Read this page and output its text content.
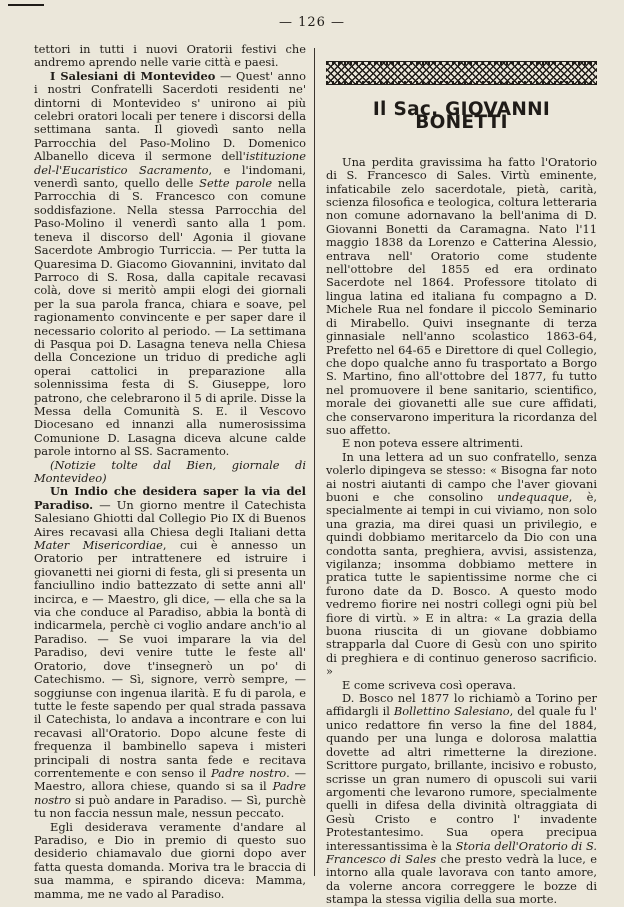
— 126 —

tettori in tutti i nuovi Oratorii festivi che andremo aprendo nelle varie città e paesi.

I Salesiani di Montevideo — Quest' anno i nostri Confratelli Sacerdoti residenti ne' dintorni di Montevideo s' unirono ai più celebri oratori locali per tenere i discorsi della settimana santa. Il giovedì santo nella Parrocchia del Paso-Molino D. Domenico Albanello diceva il sermone dell'istituzione del-l'Eucaristico Sacramento, e l'indomani, venerdì santo, quello delle Sette parole nella Parrocchia di S. Francesco con comune soddisfazione. Nella stessa Parrocchia del Paso-Molino il venerdì santo alla 1 pom. teneva il discorso dell' Agonia il giovane Sacerdote Ambrogio Turriccia. — Per tutta la Quaresima D. Giacomo Giovannini, invitato dal Parroco di S. Rosa, dalla capitale recavasi colà, dove si meritò ampii elogi dei giornali per la sua parola franca, chiara e soave, pel ragionamento convincente e per saper dare il necessario colorito al periodo. — La settimana di Pasqua poi D. Lasagna teneva nella Chiesa della Concezione un triduo di prediche agli operai cattolici in preparazione alla solennissima festa di S. Giuseppe, loro patrono, che celebrarono il 5 di aprile. Disse la Messa della Comunità S. E. il Vescovo Diocesano ed innanzi alla numerosissima Comunione D. Lasagna diceva alcune calde parole intorno al SS. Sacramento.

(Notizie tolte dal Bien, giornale di Montevideo)

Un Indio che desidera saper la via del Paradiso. — Un giorno mentre il Catechista Salesiano Ghiotti dal Collegio Pio IX di Buenos Aires recavasi alla Chiesa degli Italiani detta Mater Misericordiae, cui è annesso un Oratorio per intrattenere ed istruire i giovanetti nei giorni di festa, gli si presenta un fanciullino indio battezzato di sette anni all' incirca, e — Maestro, gli dice, — ella che sa la via che conduce al Paradiso, abbia la bontà di indicarmela, perchè ci voglio andare anch'io al Paradiso. — Se vuoi imparare la via del Paradiso, devi venire tutte le feste all' Oratorio, dove t'insegnerò un po' di Catechismo. — Sì, signore, verrò sempre, — soggiunse con ingenua ilarità. E fu di parola, e tutte le feste sapendo per qual strada passava il Catechista, lo andava a incontrare e con lui recavasi all'Oratorio. Dopo alcune feste di frequenza il bambinello sapeva i misteri principali di nostra santa fede e recitava correntemente e con senso il Padre nostro. — Maestro, allora chiese, quando si sa il Padre nostro si può andare in Paradiso. — Sì, purchè tu non faccia nessun male, nessun peccato.

Egli desiderava veramente d'andare al Paradiso, e Dio in premio di questo suo desiderio chiamavalo due giorni dopo aver fatta questa domanda. Moriva tra le braccia di sua mamma, e spirando diceva: Mamma, mamma, me ne vado al Paradiso.

Il Sac. GIOVANNI BONETTI

Una perdita gravissima ha fatto l'Oratorio di S. Francesco di Sales. Virtù eminente, infaticabile zelo sacerdotale, pietà, carità, scienza filosofica e teologica, coltura letteraria non comune adornavano la bell'anima di D. Giovanni Bonetti da Caramagna. Nato l'11 maggio 1838 da Lorenzo e Catterina Alessio, entrava nell' Oratorio come studente nell'ottobre del 1855 ed era ordinato Sacerdote nel 1864. Professore titolato di lingua latina ed italiana fu compagno a D. Michele Rua nel fondare il piccolo Seminario di Mirabello. Quivi insegnante di terza ginnasiale nell'anno scolastico 1863-64, Prefetto nel 64-65 e Direttore di quel Collegio, che dopo qualche anno fu trasportato a Borgo S. Martino, fino all'ottobre del 1877, fu tutto nel promuovere il bene sanitario, scientifico, morale dei giovanetti alle sue cure affidati, che conservarono imperitura la ricordanza del suo affetto.

E non poteva essere altrimenti.

In una lettera ad un suo confratello, senza volerlo dipingeva se stesso: « Bisogna far noto ai nostri aiutanti di campo che l'aver giovani buoni e che consolino undequaque, è, specialmente ai tempi in cui viviamo, non solo una grazia, ma direi quasi un privilegio, e quindi dobbiamo meritarcelo da Dio con una condotta santa, preghiera, avvisi, assistenza, vigilanza; insomma dobbiamo mettere in pratica tutte le sapientissime norme che ci furono date da D. Bosco. A questo modo vedremo fiorire nei nostri collegi ogni più bel fiore di virtù. » E in altra: « La grazia della buona riuscita di un giovane dobbiamo strapparla dal Cuore di Gesù con uno spirito di preghiera e di continuo generoso sacrificio. »

E come scriveva così operava.

D. Bosco nel 1877 lo richiamò a Torino per affidargli il Bollettino Salesiano, del quale fu l' unico redattore fin verso la fine del 1884, quando per una lunga e dolorosa malattia dovette ad altri rimetterne la direzione. Scrittore purgato, brillante, incisivo e robusto, scrisse un gran numero di opuscoli sui varii argomenti che levarono rumore, specialmente quelli in difesa della divinità oltraggiata di Gesù Cristo e contro l' invadente Protestantesimo. Sua opera precipua interessantissima è la Storia dell'Oratorio di S. Francesco di Sales che presto vedrà la luce, e intorno alla quale lavorava con tanto amore, da volerne ancora correggere le bozze di stampa la stessa vigilia della sua morte.
